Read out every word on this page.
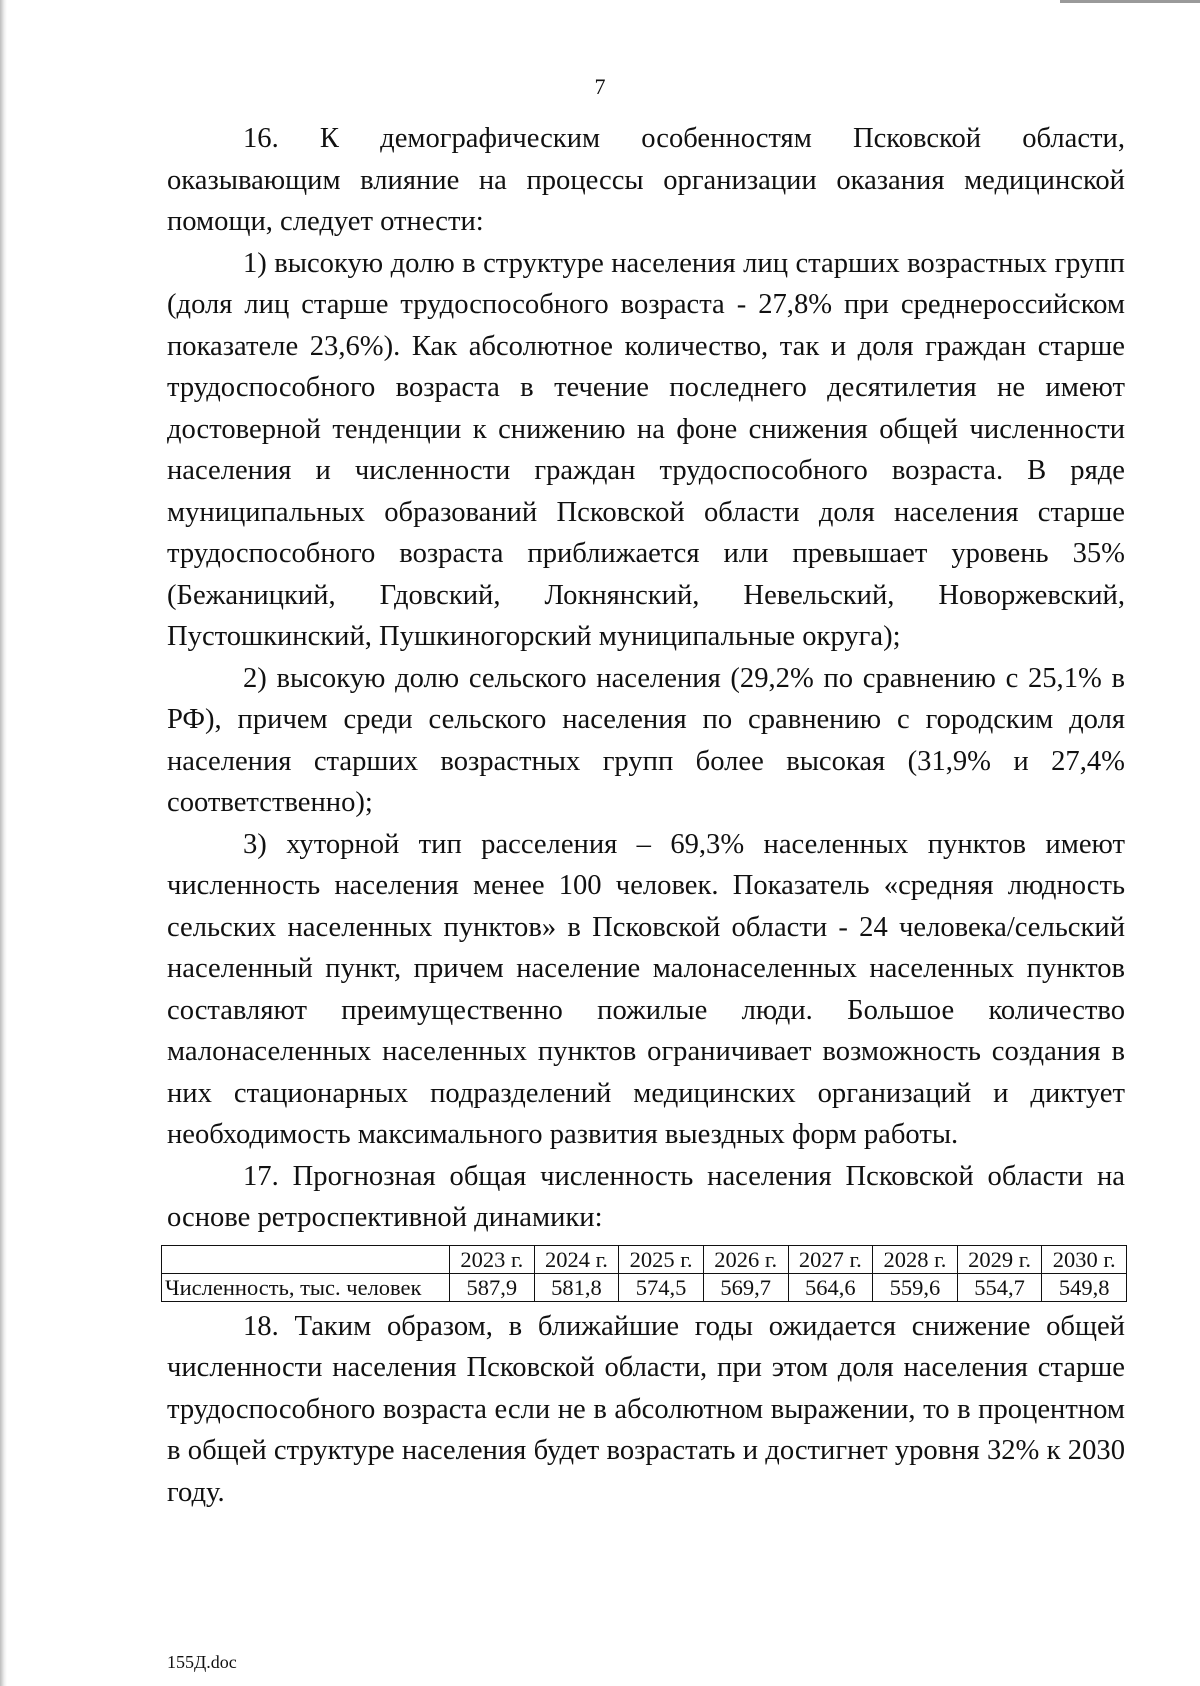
7

16. К демографическим особенностям Псковской области, оказывающим влияние на процессы организации оказания медицинской помощи, следует отнести:

1) высокую долю в структуре населения лиц старших возрастных групп (доля лиц старше трудоспособного возраста - 27,8% при среднероссийском показателе 23,6%). Как абсолютное количество, так и доля граждан старше трудоспособного возраста в течение последнего десятилетия не имеют достоверной тенденции к снижению на фоне снижения общей численности населения и численности граждан трудоспособного возраста. В ряде муниципальных образований Псковской области доля населения старше трудоспособного возраста приближается или превышает уровень 35% (Бежаницкий, Гдовский, Локнянский, Невельский, Новоржевский, Пустошкинский, Пушкиногорский муниципальные округа);

2) высокую долю сельского населения (29,2% по сравнению с 25,1% в РФ), причем среди сельского населения по сравнению с городским доля населения старших возрастных групп более высокая (31,9% и 27,4% соответственно);

3) хуторной тип расселения – 69,3% населенных пунктов имеют численность населения менее 100 человек. Показатель «средняя людность сельских населенных пунктов» в Псковской области - 24 человека/сельский населенный пункт, причем население малонаселенных населенных пунктов составляют преимущественно пожилые люди. Большое количество малонаселенных населенных пунктов ограничивает возможность создания в них стационарных подразделений медицинских организаций и диктует необходимость максимального развития выездных форм работы.

17. Прогнозная общая численность населения Псковской области на основе ретроспективной динамики:

	2023 г.	2024 г.	2025 г.	2026 г.	2027 г.	2028 г.	2029 г.	2030 г.
Численность, тыс. человек	587,9	581,8	574,5	569,7	564,6	559,6	554,7	549,8

18. Таким образом, в ближайшие годы ожидается снижение общей численности населения Псковской области, при этом доля населения старше трудоспособного возраста если не в абсолютном выражении, то в процентном в общей структуре населения будет возрастать и достигнет уровня 32% к 2030 году.

155Д.doc
